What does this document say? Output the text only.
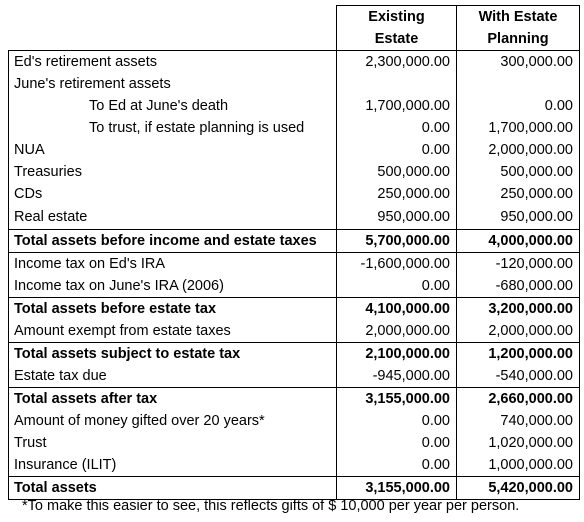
	Existing	With Estate
	Estate	Planning
Ed's retirement assets	2,300,000.00	300,000.00
June's retirement assets		
To Ed at June's death	1,700,000.00	0.00
To trust, if estate planning is used	0.00	1,700,000.00
NUA	0.00	2,000,000.00
Treasuries	500,000.00	500,000.00
CDs	250,000.00	250,000.00
Real estate	950,000.00	950,000.00
Total assets before income and estate taxes	5,700,000.00	4,000,000.00
Income tax on Ed's IRA	-1,600,000.00	-120,000.00
Income tax on June's IRA (2006)	0.00	-680,000.00
Total assets before estate tax	4,100,000.00	3,200,000.00
Amount exempt from estate taxes	2,000,000.00	2,000,000.00
Total assets subject to estate tax	2,100,000.00	1,200,000.00
Estate tax due	-945,000.00	-540,000.00
Total assets after tax	3,155,000.00	2,660,000.00
Amount of money gifted over 20 years*	0.00	740,000.00
Trust	0.00	1,020,000.00
Insurance (ILIT)	0.00	1,000,000.00
Total assets	3,155,000.00	5,420,000.00
*To make this easier to see, this reflects gifts of $ 10,000 per year per person.
